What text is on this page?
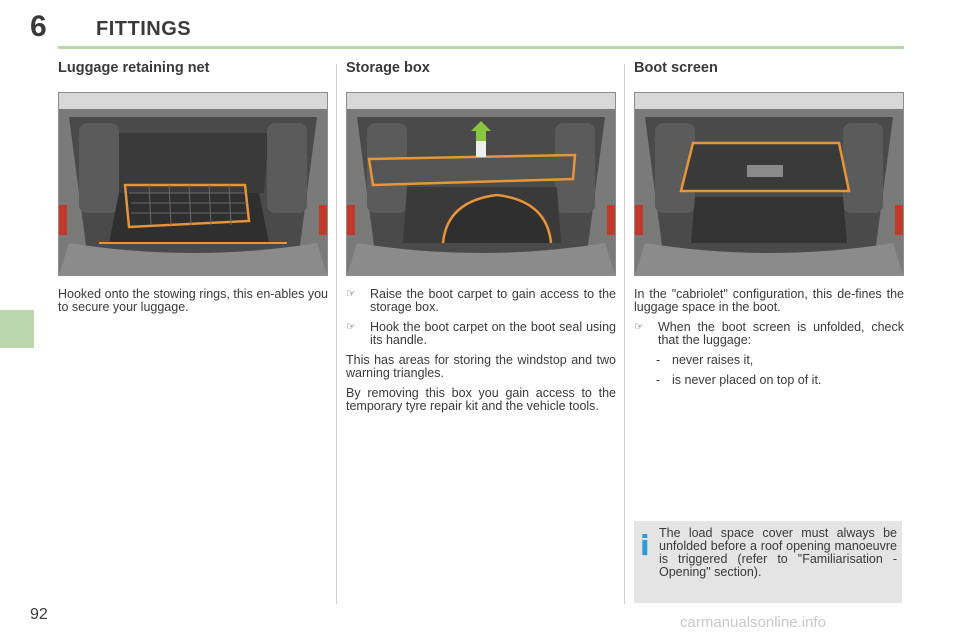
6 FITTINGS
Luggage retaining net

Hooked onto the stowing rings, this en-ables you to secure your luggage.

Storage box
☞	Raise the boot carpet to gain access to the storage box.
☞	Hook the boot carpet on the boot seal using its handle.

This has areas for storing the windstop and two warning triangles.

By removing this box you gain access to the temporary tyre repair kit and the vehicle tools.

Boot screen

In the "cabriolet" configuration, this de-fines the luggage space in the boot.

☞	When the boot screen is unfolded, check that the luggage:
- never raises it,
- is never placed on top of it.
i The load space cover must always be unfolded before a roof opening manoeuvre is triggered (refer to "Familiarisation - Opening" section).
92	carmanualsonline.info
